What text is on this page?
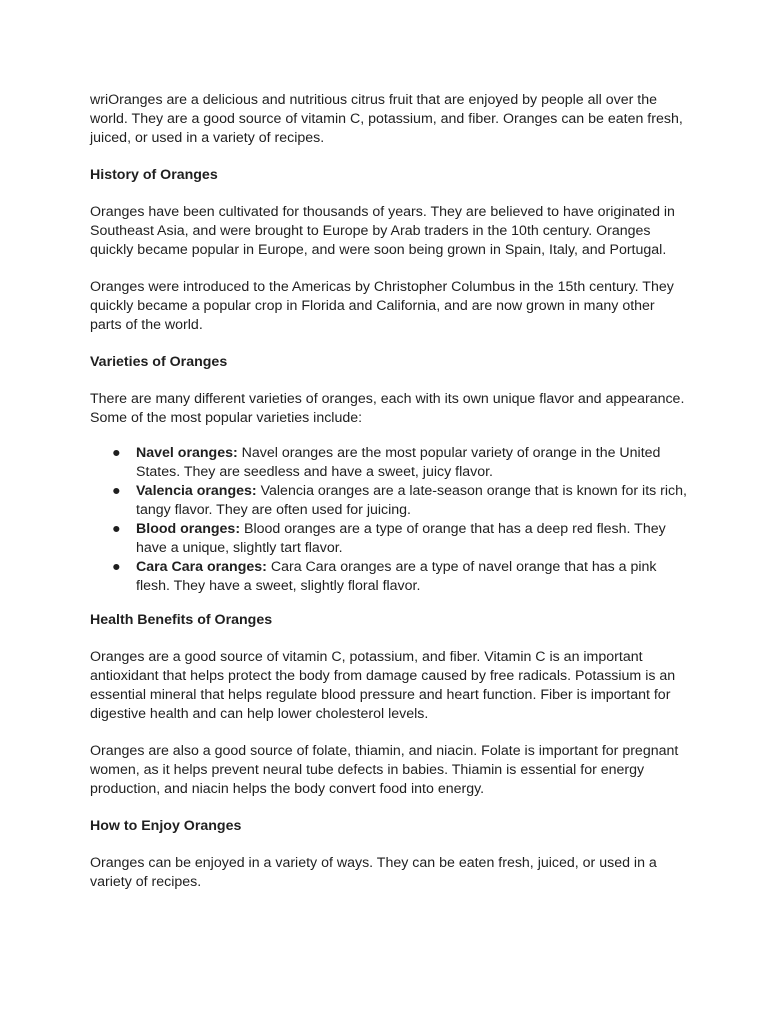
wriOranges are a delicious and nutritious citrus fruit that are enjoyed by people all over the world. They are a good source of vitamin C, potassium, and fiber. Oranges can be eaten fresh, juiced, or used in a variety of recipes.

History of Oranges

Oranges have been cultivated for thousands of years. They are believed to have originated in Southeast Asia, and were brought to Europe by Arab traders in the 10th century. Oranges quickly became popular in Europe, and were soon being grown in Spain, Italy, and Portugal.

Oranges were introduced to the Americas by Christopher Columbus in the 15th century. They quickly became a popular crop in Florida and California, and are now grown in many other parts of the world.

Varieties of Oranges

There are many different varieties of oranges, each with its own unique flavor and appearance. Some of the most popular varieties include:

● Navel oranges: Navel oranges are the most popular variety of orange in the United States. They are seedless and have a sweet, juicy flavor.
● Valencia oranges: Valencia oranges are a late-season orange that is known for its rich, tangy flavor. They are often used for juicing.
● Blood oranges: Blood oranges are a type of orange that has a deep red flesh. They have a unique, slightly tart flavor.
● Cara Cara oranges: Cara Cara oranges are a type of navel orange that has a pink flesh. They have a sweet, slightly floral flavor.
Health Benefits of Oranges

Oranges are a good source of vitamin C, potassium, and fiber. Vitamin C is an important antioxidant that helps protect the body from damage caused by free radicals. Potassium is an essential mineral that helps regulate blood pressure and heart function. Fiber is important for digestive health and can help lower cholesterol levels.

Oranges are also a good source of folate, thiamin, and niacin. Folate is important for pregnant women, as it helps prevent neural tube defects in babies. Thiamin is essential for energy production, and niacin helps the body convert food into energy.

How to Enjoy Oranges

Oranges can be enjoyed in a variety of ways. They can be eaten fresh, juiced, or used in a variety of recipes.
